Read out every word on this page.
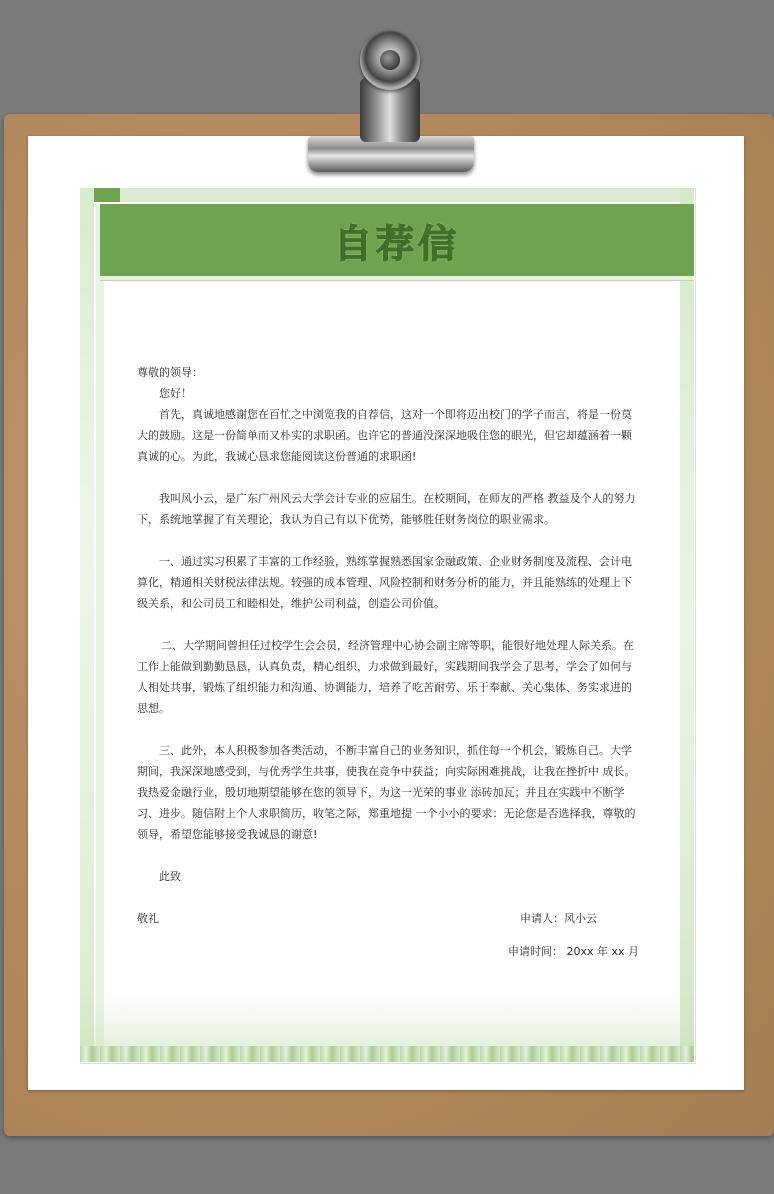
自荐信

尊敬的领导：

您好！

首先，真诚地感谢您在百忙之中浏览我的自荐信，这对一个即将迈出校门的学子而言，将是一份莫大的鼓励。这是一份简单而又朴实的求职函。也许它的普通没深深地吸住您的眼光，但它却蕴涵着一颗真诚的心。为此，我诚心恳求您能阅读这份普通的求职函!

我叫风小云，是广东广州风云大学会计专业的应届生。在校期间，在师友的严格 教益及个人的努力下，系统地掌握了有关理论，我认为自己有以下优势，能够胜任财务岗位的职业需求。

一、通过实习积累了丰富的工作经验，熟练掌握熟悉国家金融政策、企业财务制度及流程、会计电算化，精通相关财税法律法规。较强的成本管理、风险控制和财务分析的能力，并且能熟练的处理上下级关系，和公司员工和睦相处，维护公司利益，创造公司价值。

二、大学期间曾担任过校学生会会员，经济管理中心协会副主席等职，能很好地处理人际关系。在工作上能做到勤勤恳恳，认真负责，精心组织，力求做到最好，实践期间我学会了思考，学会了如何与人相处共事，锻炼了组织能力和沟通、协调能力，培养了吃苦耐劳、乐于奉献、关心集体、务实求进的思想。

三、此外，本人积极参加各类活动，不断丰富自己的业务知识，抓住每一个机会，锻炼自己。大学期间，我深深地感受到，与优秀学生共事，使我在竞争中获益；向实际困难挑战，让我在挫折中 成长。我热爱金融行业，殷切地期望能够在您的领导下，为这一光荣的事业 添砖加瓦；并且在实践中不断学习、进步。随信附上个人求职简历，收笔之际，郑重地提 一个小小的要求：无论您是否选择我，尊敬的领导，希望您能够接受我诚恳的谢意!

此致

敬礼	申请人：风小云
申请时间： 20xx 年 xx 月
